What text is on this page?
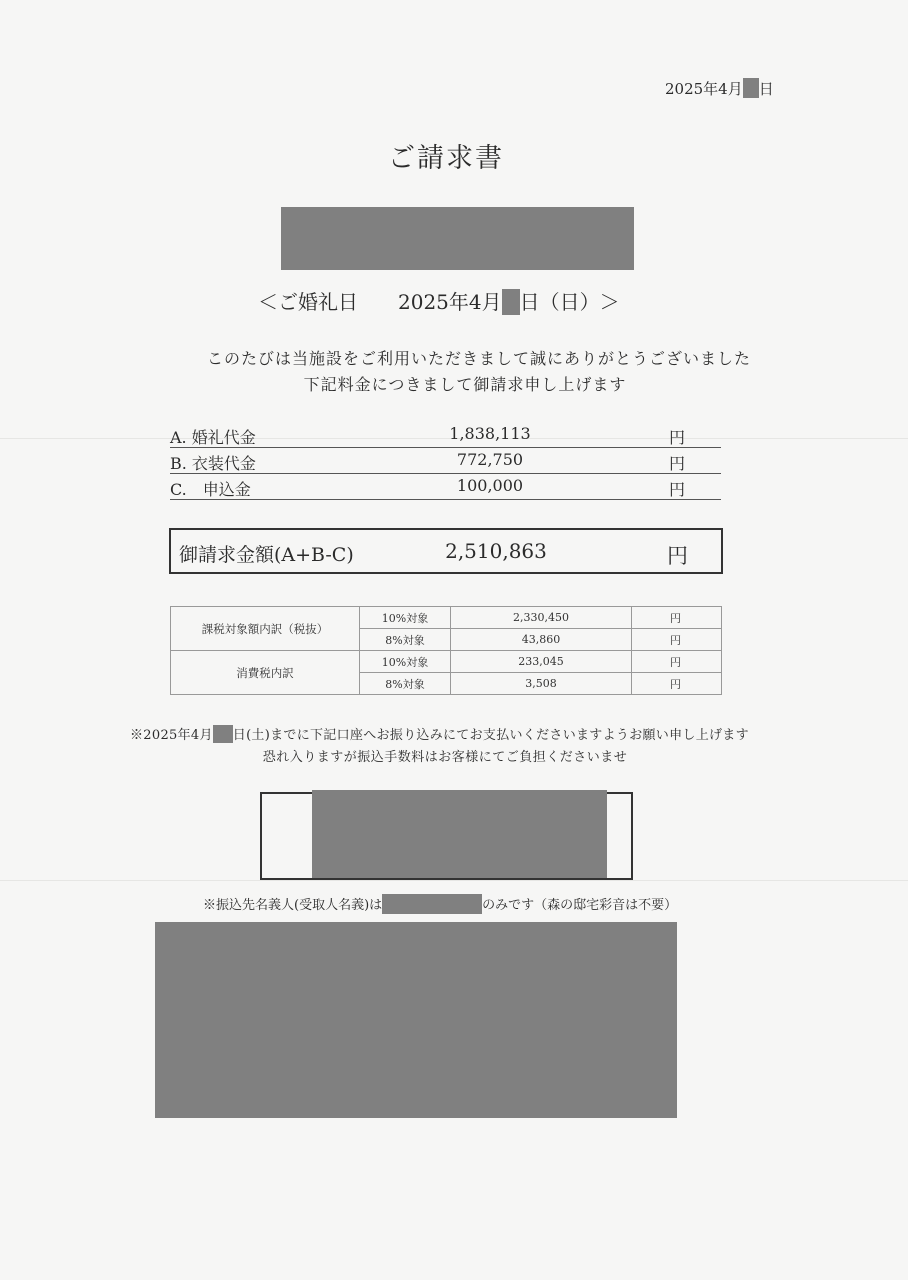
2025年4月 日
ご請求書
＜ご婚礼日 2025年4月 日（日）＞
このたびは当施設をご利用いただきまして誠にありがとうございました
下記料金につきまして御請求申し上げます
A. 婚礼代金	1,838,113	円
B. 衣装代金	772,750	円
C.　申込金	100,000	円
御請求金額(A+B-C)	2,510,863	円
課税対象額内訳（税抜）	10%対象	2,330,450	円
	8%対象	43,860	円
消費税内訳	10%対象	233,045	円
	8%対象	3,508	円
※2025年4月 日(土)までに下記口座へお振り込みにてお支払いくださいますようお願い申し上げます
恐れ入りますが振込手数料はお客様にてご負担くださいませ
※振込先名義人(受取人名義)は	のみです（森の邸宅彩音は不要）
